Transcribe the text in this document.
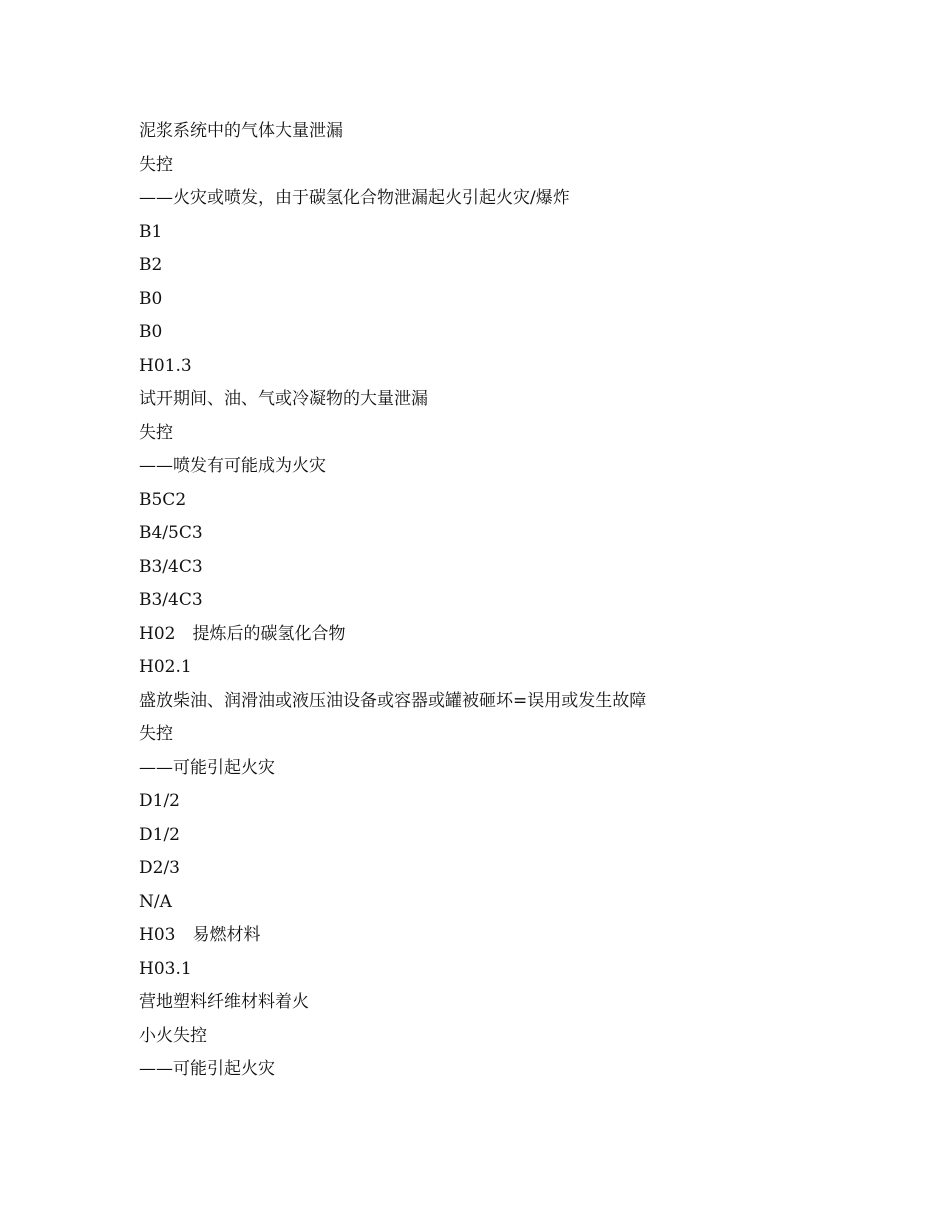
泥浆系统中的气体大量泄漏
失控
——火灾或喷发，由于碳氢化合物泄漏起火引起火灾/爆炸
B1
B2
B0
B0
H01.3
试开期间、油、气或冷凝物的大量泄漏
失控
——喷发有可能成为火灾
B5C2
B4/5C3
B3/4C3
B3/4C3
H02　提炼后的碳氢化合物
H02.1
盛放柴油、润滑油或液压油设备或容器或罐被砸坏=误用或发生故障
失控
——可能引起火灾
D1/2
D1/2
D2/3
N/A
H03　易燃材料
H03.1
营地塑料纤维材料着火
小火失控
——可能引起火灾
